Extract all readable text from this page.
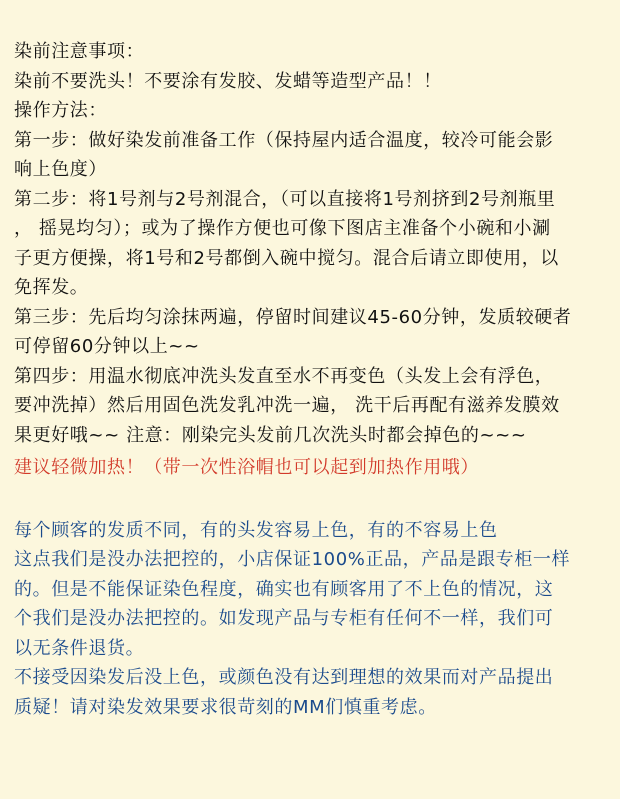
染前注意事项：
染前不要洗头！不要涂有发胶、发蜡等造型产品！！
操作方法：
第一步：做好染发前准备工作（保持屋内适合温度，较冷可能会影
响上色度）
第二步：将1号剂与2号剂混合，（可以直接将1号剂挤到2号剂瓶里
， 摇晃均匀）；或为了操作方便也可像下图店主准备个小碗和小涮
子更方便操，将1号和2号都倒入碗中搅匀。混合后请立即使用，以
免挥发。
第三步：先后均匀涂抹两遍，停留时间建议45-60分钟，发质较硬者
可停留60分钟以上~~
第四步：用温水彻底冲洗头发直至水不再变色（头发上会有浮色，
要冲洗掉）然后用固色洗发乳冲洗一遍， 洗干后再配有滋养发膜效
果更好哦~~ 注意：刚染完头发前几次洗头时都会掉色的~~~
建议轻微加热！（带一次性浴帽也可以起到加热作用哦）
每个顾客的发质不同，有的头发容易上色，有的不容易上色
这点我们是没办法把控的，小店保证100%正品，产品是跟专柜一样
的。但是不能保证染色程度，确实也有顾客用了不上色的情况，这
个我们是没办法把控的。如发现产品与专柜有任何不一样，我们可
以无条件退货。
不接受因染发后没上色，或颜色没有达到理想的效果而对产品提出
质疑！请对染发效果要求很苛刻的MM们慎重考虑。
